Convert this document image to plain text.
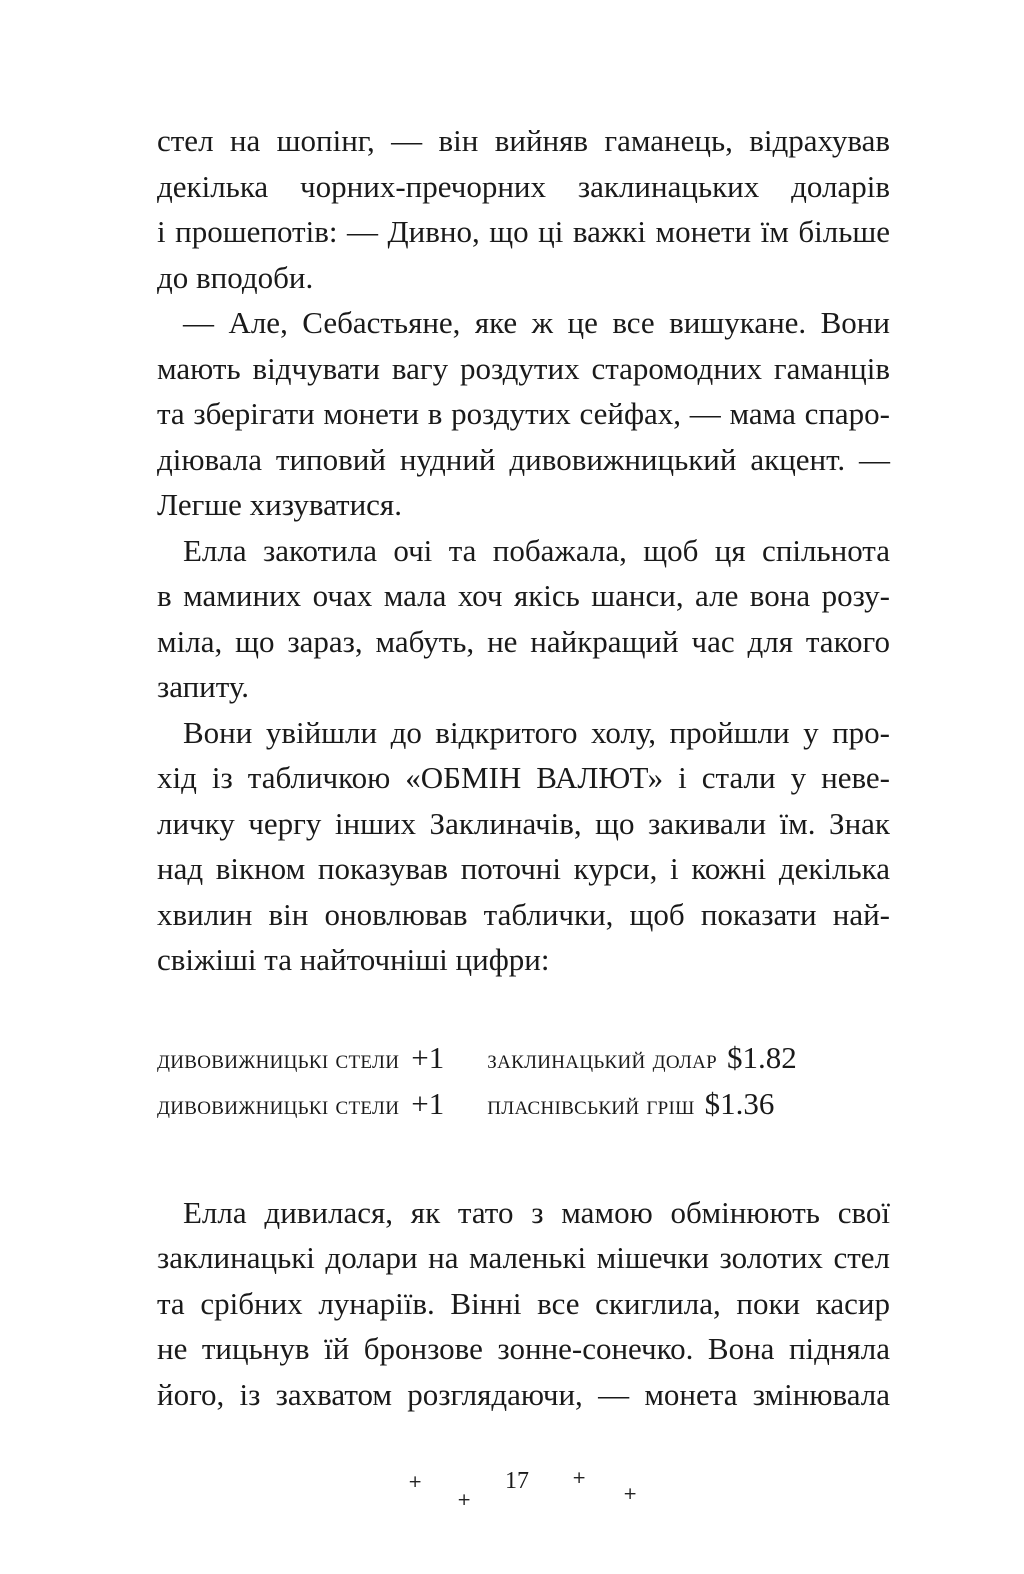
стел на шопінг, — він вийняв гаманець, відрахував
декілька чорних-пречорних заклинацьких доларів
і прошепотів: — Дивно, що ці важкі монети їм більше
до вподоби.

— Але, Себастьяне, яке ж це все вишукане. Вони
мають відчувати вагу роздутих старомодних гаманців
та зберігати монети в роздутих сейфах, — мама спаро-
діювала типовий нудний дивовижницький акцент. —
Легше хизуватися.

Елла закотила очі та побажала, щоб ця спільнота
в маминих очах мала хоч якісь шанси, але вона розу-
міла, що зараз, мабуть, не найкращий час для такого
запиту.

Вони увійшли до відкритого холу, пройшли у про-
хід із табличкою «ОБМІН ВАЛЮТ» і стали у неве-
личку чергу інших Заклиначів, що закивали їм. Знак
над вікном показував поточні курси, і кожні декілька
хвилин він оновлював таблички, щоб показати най-
свіжіші та найточніші цифри:

дивовижницькі стели +1	заклинацький долар $1.82
дивовижницькі стели +1	пласнівський гріш $1.36

Елла дивилася, як тато з мамою обмінюють свої
заклинацькі долари на маленькі мішечки золотих стел
та срібних лунаріїв. Вінні все скиглила, поки касир
не тицьнув їй бронзове зонне-сонечко. Вона підняла
його, із захватом розглядаючи, — монета змінювала

+
+
17	+
+
